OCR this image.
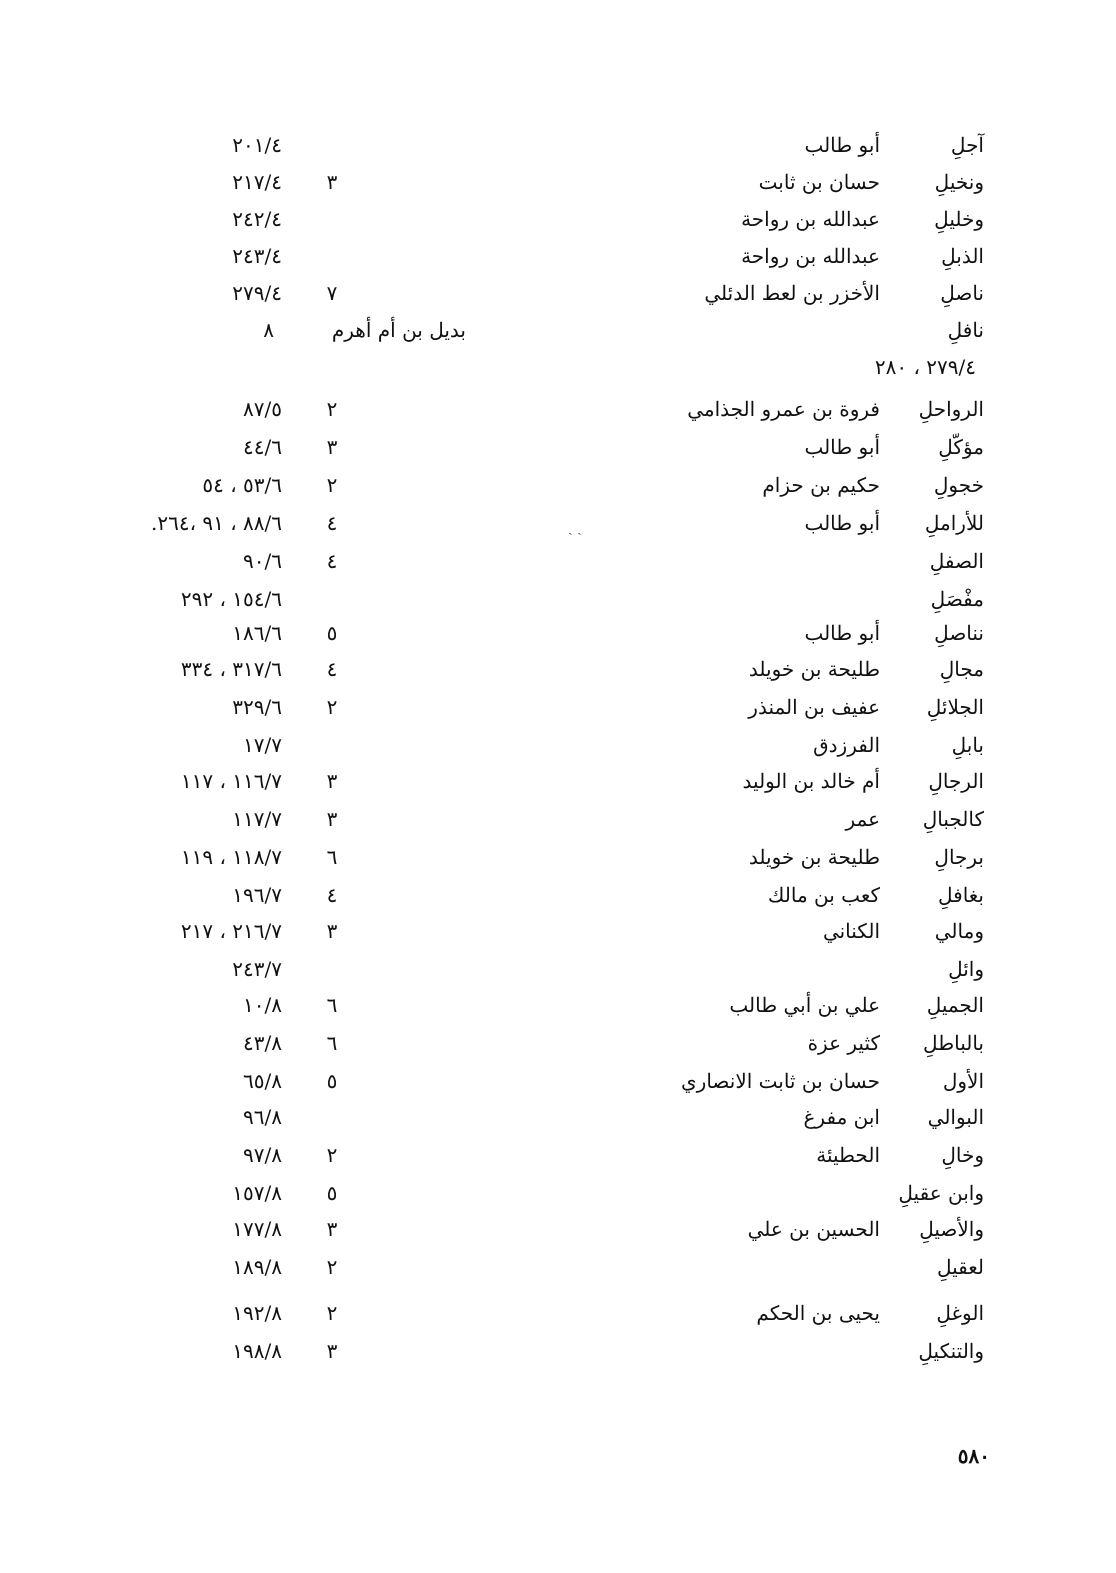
آجلِ
أبو طالب
٢٠١/٤
ونخيلِ
حسان بن ثابت
٣
٢١٧/٤
وخليلِ
عبدالله بن رواحة
٢٤٢/٤
الذبلِ
عبدالله بن رواحة
٢٤٣/٤
ناصلِ
الأخزر بن لعط الدئلي
٧
٢٧٩/٤
نافلِ
بديل بن أم أهرم
٨
٢٧٩/٤ ، ٢٨٠
الرواحلِ
فروة بن عمرو الجذامي
٢
٨٧/٥
مؤكّلِ
أبو طالب
٣
٤٤/٦
خجولِ
حكيم بن حزام
٢
٥٣/٦ ، ٥٤
للأراملِ
أبو طالب
٤
٨٨/٦ ، ٩١ ،٢٦٤.
الصفلِ
٤
٩٠/٦
مفْصَلِ
١٥٤/٦ ، ٢٩٢
نناصلِ
أبو طالب
٥
١٨٦/٦
مجالِ
طليحة بن خويلد
٤
٣١٧/٦ ، ٣٣٤
الجلائلِ
عفيف بن المنذر
٢
٣٢٩/٦
بابلِ
الفرزدق
١٧/٧
الرجالِ
أم خالد بن الوليد
٣
١١٦/٧ ، ١١٧
كالجبالِ
عمر
٣
١١٧/٧
برجالِ
طليحة بن خويلد
٦
١١٨/٧ ، ١١٩
بغافلِ
كعب بن مالك
٤
١٩٦/٧
ومالي
الكناني
٣
٢١٦/٧ ، ٢١٧
وائلِ
٢٤٣/٧
الجميلِ
علي بن أبي طالب
٦
١٠/٨
بالباطلِ
كثير عزة
٦
٤٣/٨
الأول
حسان بن ثابت الانصاري
٥
٦٥/٨
البوالي
ابن مفرغ
٩٦/٨
وخالِ
الحطيئة
٢
٩٧/٨
وابن عقيلِ
٥
١٥٧/٨
والأصيلِ
الحسين بن علي
٣
١٧٧/٨
لعقيلِ
٢
١٨٩/٨
الوغلِ
يحيى بن الحكم
٢
١٩٢/٨
والتنكيلِ
٣
١٩٨/٨
ˏ ˏ
٥٨٠
